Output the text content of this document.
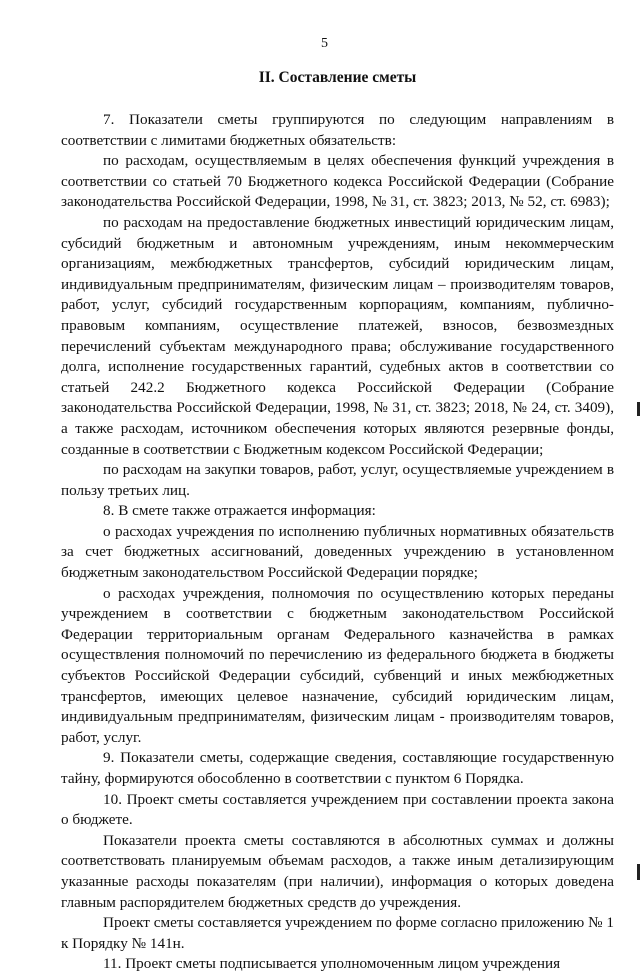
5
II. Составление сметы

7. Показатели сметы группируются по следующим направлениям в соответствии с лимитами бюджетных обязательств:

по расходам, осуществляемым в целях обеспечения функций учреждения в соответствии со статьей 70 Бюджетного кодекса Российской Федерации (Собрание законодательства Российской Федерации, 1998, № 31, ст. 3823; 2013, № 52, ст. 6983);

по расходам на предоставление бюджетных инвестиций юридическим лицам, субсидий бюджетным и автономным учреждениям, иным некоммерческим организациям, межбюджетных трансфертов, субсидий юридическим лицам, индивидуальным предпринимателям, физическим лицам – производителям товаров, работ, услуг, субсидий государственным корпорациям, компаниям, публично-правовым компаниям, осуществление платежей, взносов, безвозмездных перечислений субъектам международного права; обслуживание государственного долга, исполнение государственных гарантий, судебных актов в соответствии со статьей 242.2 Бюджетного кодекса Российской Федерации (Собрание законодательства Российской Федерации, 1998, № 31, ст. 3823; 2018, № 24, ст. 3409), а также расходам, источником обеспечения которых являются резервные фонды, созданные в соответствии с Бюджетным кодексом Российской Федерации;

по расходам на закупки товаров, работ, услуг, осуществляемые учреждением в пользу третьих лиц.

8. В смете также отражается информация:

о расходах учреждения по исполнению публичных нормативных обязательств за счет бюджетных ассигнований, доведенных учреждению в установленном бюджетным законодательством Российской Федерации порядке;

о расходах учреждения, полномочия по осуществлению которых переданы учреждением в соответствии с бюджетным законодательством Российской Федерации территориальным органам Федерального казначейства в рамках осуществления полномочий по перечислению из федерального бюджета в бюджеты субъектов Российской Федерации субсидий, субвенций и иных межбюджетных трансфертов, имеющих целевое назначение, субсидий юридическим лицам, индивидуальным предпринимателям, физическим лицам - производителям товаров, работ, услуг.

9. Показатели сметы, содержащие сведения, составляющие государственную тайну, формируются обособленно в соответствии с пунктом 6 Порядка.

10. Проект сметы составляется учреждением при составлении проекта закона о бюджете.

Показатели проекта сметы составляются в абсолютных суммах и должны соответствовать планируемым объемам расходов, а также иным детализирующим указанные расходы показателям (при наличии), информация о которых доведена главным распорядителем бюджетных средств до учреждения.

Проект сметы составляется учреждением по форме согласно приложению № 1 к Порядку № 141н.

11. Проект сметы подписывается уполномоченным лицом учреждения
